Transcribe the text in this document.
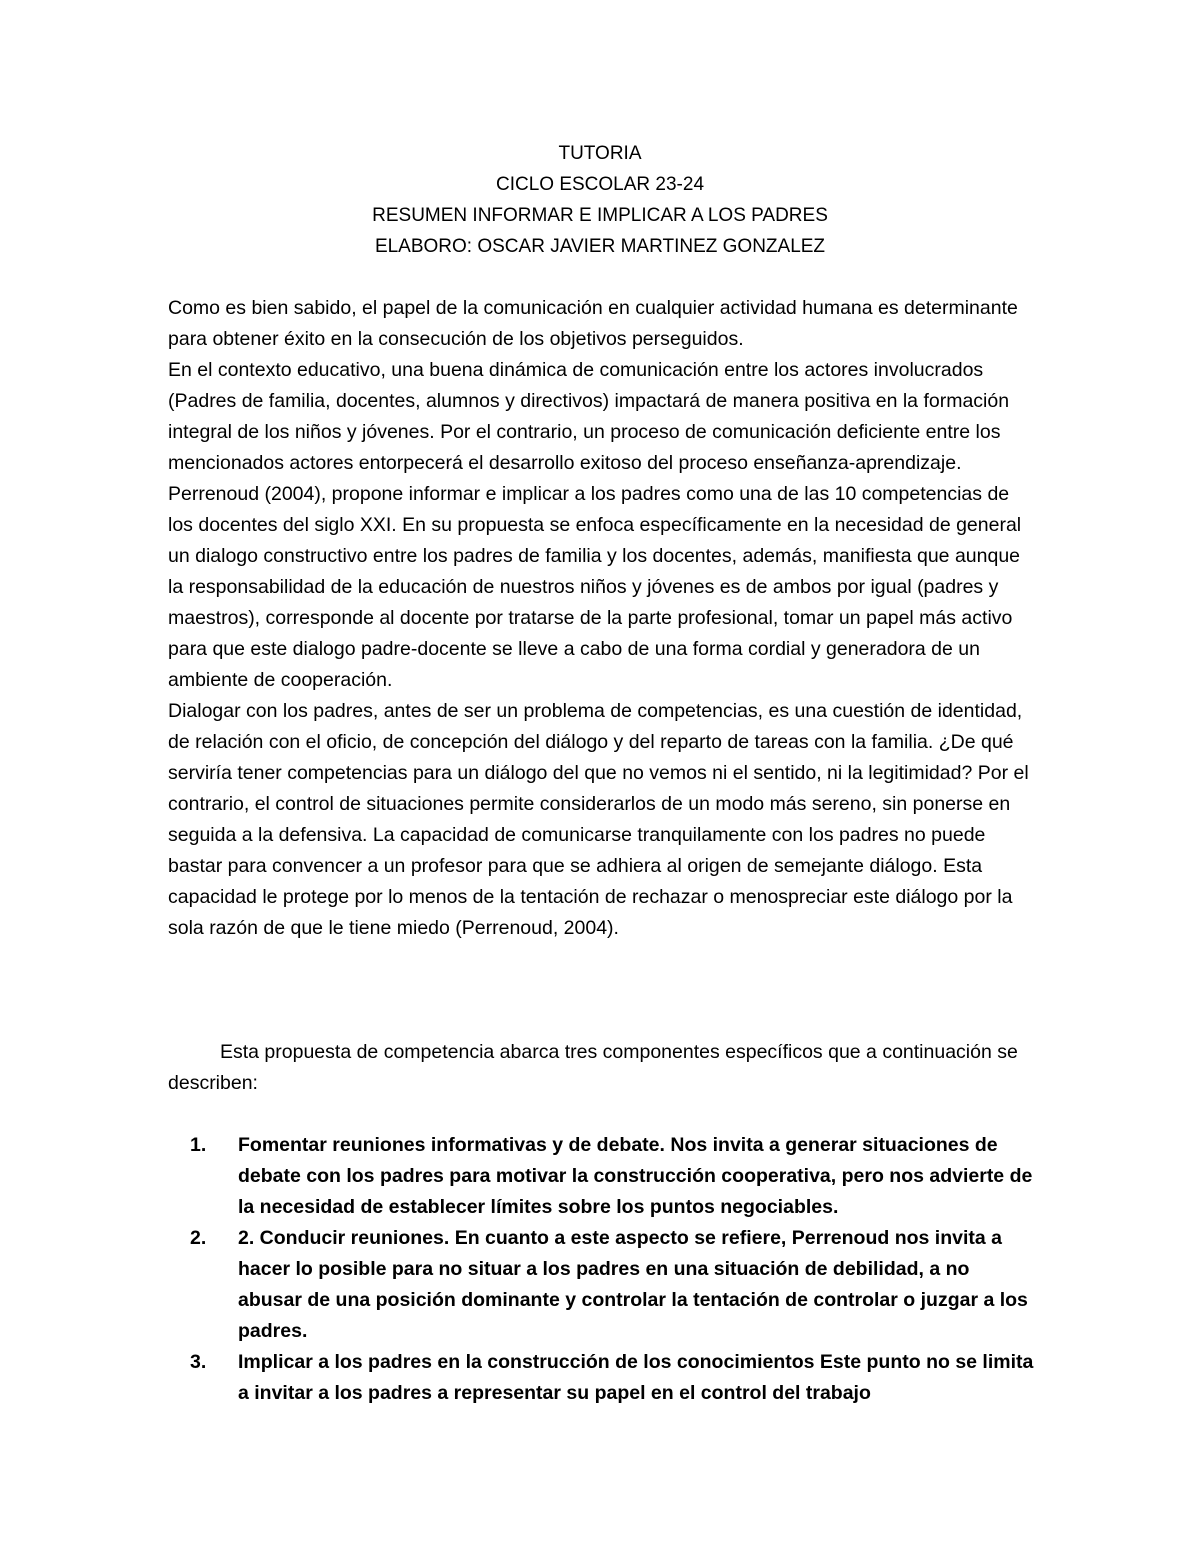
TUTORIA
CICLO ESCOLAR 23-24
RESUMEN INFORMAR E IMPLICAR A LOS PADRES
ELABORO: OSCAR JAVIER MARTINEZ GONZALEZ

Como es bien sabido, el papel de la comunicación en cualquier actividad humana es determinante para obtener éxito en la consecución de los objetivos perseguidos.

En el contexto educativo, una buena dinámica de comunicación entre los actores involucrados (Padres de familia, docentes, alumnos y directivos) impactará de manera positiva en la formación integral de los niños y jóvenes. Por el contrario, un proceso de comunicación deficiente entre los mencionados actores entorpecerá el desarrollo exitoso del proceso enseñanza-aprendizaje.

Perrenoud (2004), propone informar e implicar a los padres como una de las 10 competencias de los docentes del siglo XXI. En su propuesta se enfoca específicamente en la necesidad de general un dialogo constructivo entre los padres de familia y los docentes, además, manifiesta que aunque la responsabilidad de la educación de nuestros niños y jóvenes es de ambos por igual (padres y maestros), corresponde al docente por tratarse de la parte profesional, tomar un papel más activo para que este dialogo padre-docente se lleve a cabo de una forma cordial y generadora de un ambiente de cooperación.

Dialogar con los padres, antes de ser un problema de competencias, es una cuestión de identidad, de relación con el oficio, de concepción del diálogo y del reparto de tareas con la familia. ¿De qué serviría tener competencias para un diálogo del que no vemos ni el sentido, ni la legitimidad? Por el contrario, el control de situaciones permite considerarlos de un modo más sereno, sin ponerse en seguida a la defensiva. La capacidad de comunicarse tranquilamente con los padres no puede bastar para convencer a un profesor para que se adhiera al origen de semejante diálogo. Esta capacidad le protege por lo menos de la tentación de rechazar o menospreciar este diálogo por la sola razón de que le tiene miedo (Perrenoud, 2004).

Esta propuesta de competencia abarca tres componentes específicos que a continuación se describen:

1. Fomentar reuniones informativas y de debate. Nos invita a generar situaciones de debate con los padres para motivar la construcción cooperativa, pero nos advierte de la necesidad de establecer límites sobre los puntos negociables.
2. 2. Conducir reuniones. En cuanto a este aspecto se refiere, Perrenoud nos invita a hacer lo posible para no situar a los padres en una situación de debilidad, a no abusar de una posición dominante y controlar la tentación de controlar o juzgar a los padres.
3. Implicar a los padres en la construcción de los conocimientos Este punto no se limita a invitar a los padres a representar su papel en el control del trabajo
